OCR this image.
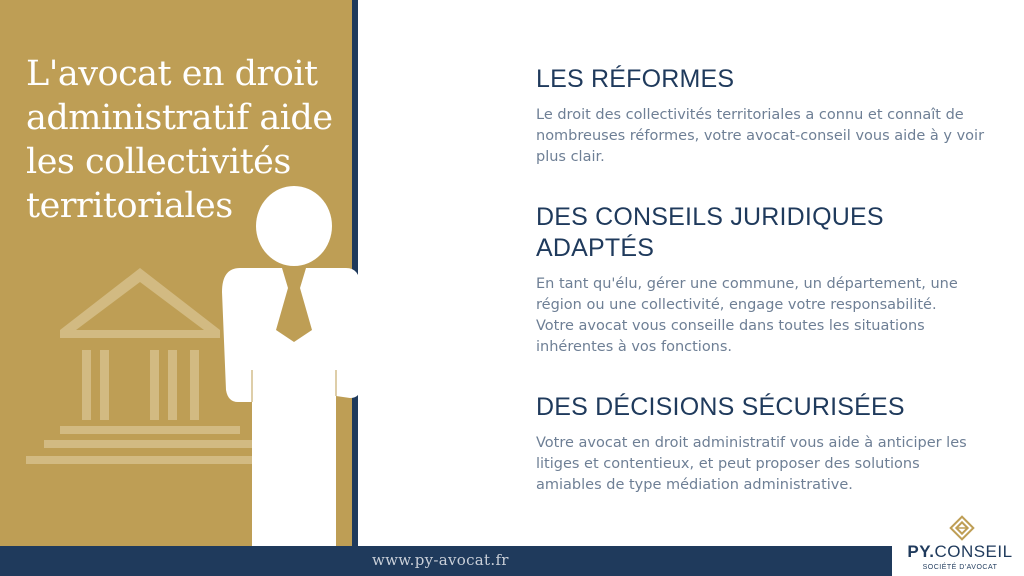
L'avocat en droit administratif aide les collectivités territoriales
LES RÉFORMES

Le droit des collectivités territoriales a connu et connaît de nombreuses réformes, votre avocat-conseil vous aide à y voir plus clair.

DES CONSEILS JURIDIQUES ADAPTÉS

En tant qu'élu, gérer une commune, un département, une région ou une collectivité, engage votre responsabilité. Votre avocat vous conseille dans toutes les situations inhérentes à vos fonctions.

DES DÉCISIONS SÉCURISÉES

Votre avocat en droit administratif vous aide à anticiper les litiges et contentieux, et peut proposer des solutions amiables de type médiation administrative.

www.py-avocat.fr	PY.CONSEIL
SOCIÉTÉ D'AVOCAT
